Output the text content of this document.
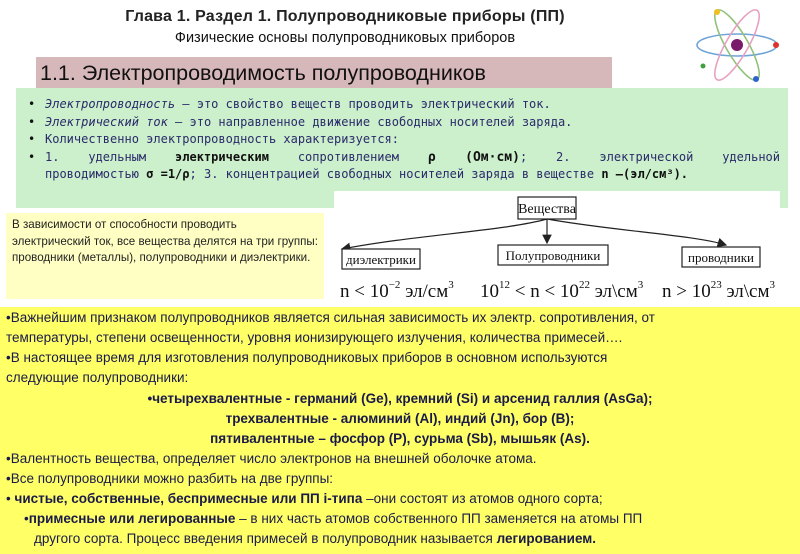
Глава 1. Раздел 1. Полупроводниковые приборы (ПП)
Физические основы полупроводниковых приборов
1.1. Электропроводимость полупроводников
• Электропроводность – это свойство веществ проводить электрический ток.
• Электрический ток – это направленное движение свободных носителей заряда.
• Количественно электропроводность характеризуется:
• 1. удельным электрическим сопротивлением ρ (Ом·см); 2. электрической удельной
проводимостью σ =1/ρ; 3. концентрацией свободных носителей заряда в веществе n –(эл/см³).
В зависимости от способности проводить электрический ток, все вещества делятся на три группы: проводники (металлы), полупроводники и диэлектрики.
Вещества
диэлектрики	Полупроводники	проводники
$n < 10^{-2}$ $эл/см^3$ $10^{12} < n < 10^{22}$ $эл\backslash см^3$ $n > 10^{23}$ $эл\backslash см^3$
•Важнейшим признаком полупроводников является сильная зависимость их электр. сопротивления, от
температуры, степени освещенности, уровня ионизирующего излучения, количества примесей….
•В настоящее время для изготовления полупроводниковых приборов в основном используются
следующие полупроводники:
•четырехвалентные - германий (Ge), кремний (Si) и арсенид галлия (AsGa);
трехвалентные - алюминий (Al), индий (Jn), бор (B);
пятивалентные – фосфор (P), сурьма (Sb), мышьяк (As).
•Валентность вещества, определяет число электронов на внешней оболочке атома.
•Все полупроводники можно разбить на две группы:
• чистые, собственные, беспримесные или ПП i-типа –они состоят из атомов одного сорта;
•примесные или легированные – в них часть атомов собственного ПП заменяется на атомы ПП
другого сорта. Процесс введения примесей в полупроводник называется легированием.
